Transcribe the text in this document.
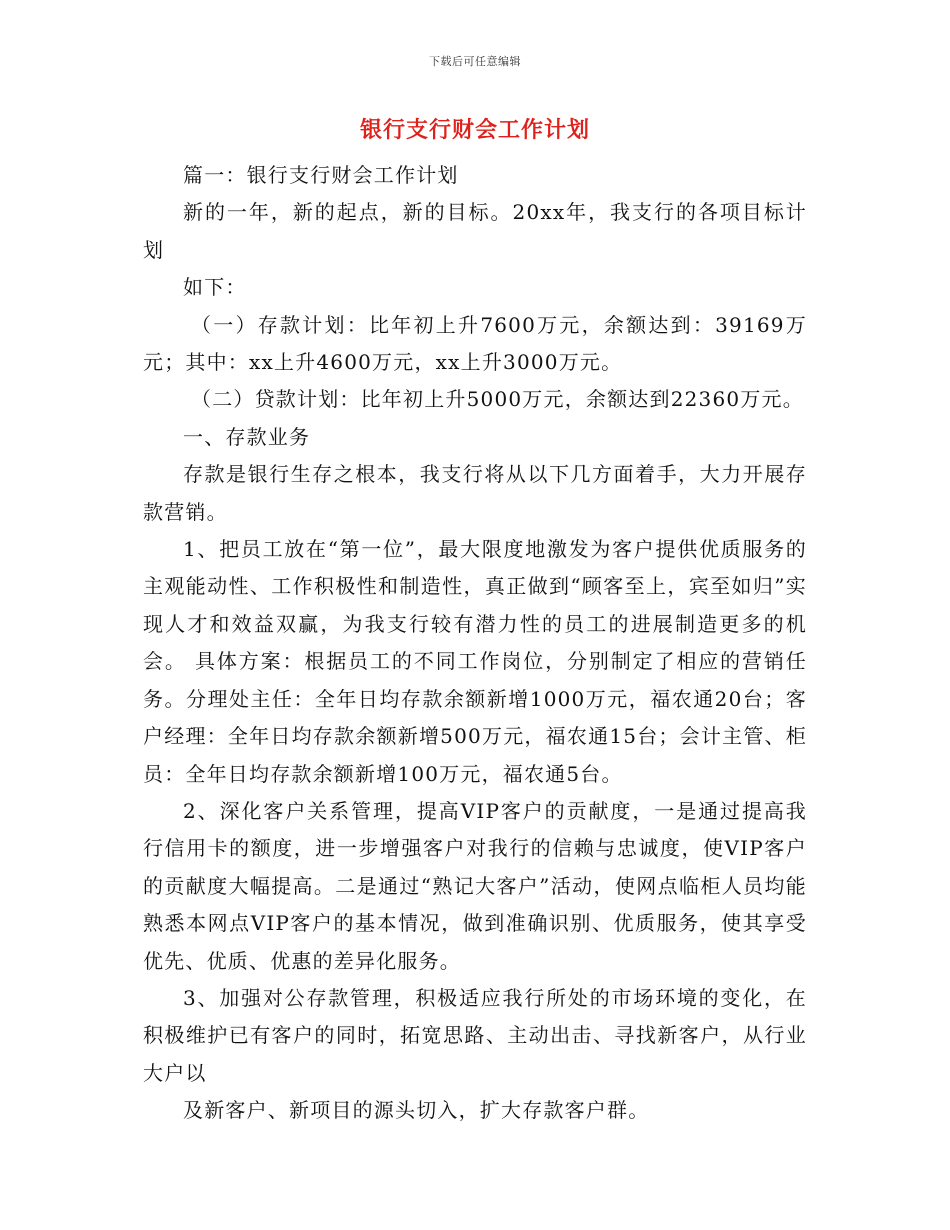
下载后可任意编辑
银行支行财会工作计划

篇一：银行支行财会工作计划

新的一年，新的起点，新的目标。20xx年，我支行的各项目标计划

如下：

（一）存款计划：比年初上升7600万元，余额达到：39169万元；其中：xx上升4600万元，xx上升3000万元。

（二）贷款计划：比年初上升5000万元，余额达到22360万元。

一、存款业务

存款是银行生存之根本，我支行将从以下几方面着手，大力开展存款营销。

1、把员工放在“第一位”，最大限度地激发为客户提供优质服务的主观能动性、工作积极性和制造性，真正做到“顾客至上，宾至如归”实现人才和效益双赢，为我支行较有潜力性的员工的进展制造更多的机会。 具体方案：根据员工的不同工作岗位，分别制定了相应的营销任务。分理处主任：全年日均存款余额新增1000万元，福农通20台；客户经理：全年日均存款余额新增500万元，福农通15台；会计主管、柜员：全年日均存款余额新增100万元，福农通5台。

2、深化客户关系管理，提高VIP客户的贡献度，一是通过提高我行信用卡的额度，进一步增强客户对我行的信赖与忠诚度，使VIP客户的贡献度大幅提高。二是通过“熟记大客户”活动，使网点临柜人员均能熟悉本网点VIP客户的基本情况，做到准确识别、优质服务，使其享受优先、优质、优惠的差异化服务。

3、加强对公存款管理，积极适应我行所处的市场环境的变化，在积极维护已有客户的同时，拓宽思路、主动出击、寻找新客户，从行业大户以

及新客户、新项目的源头切入，扩大存款客户群。
